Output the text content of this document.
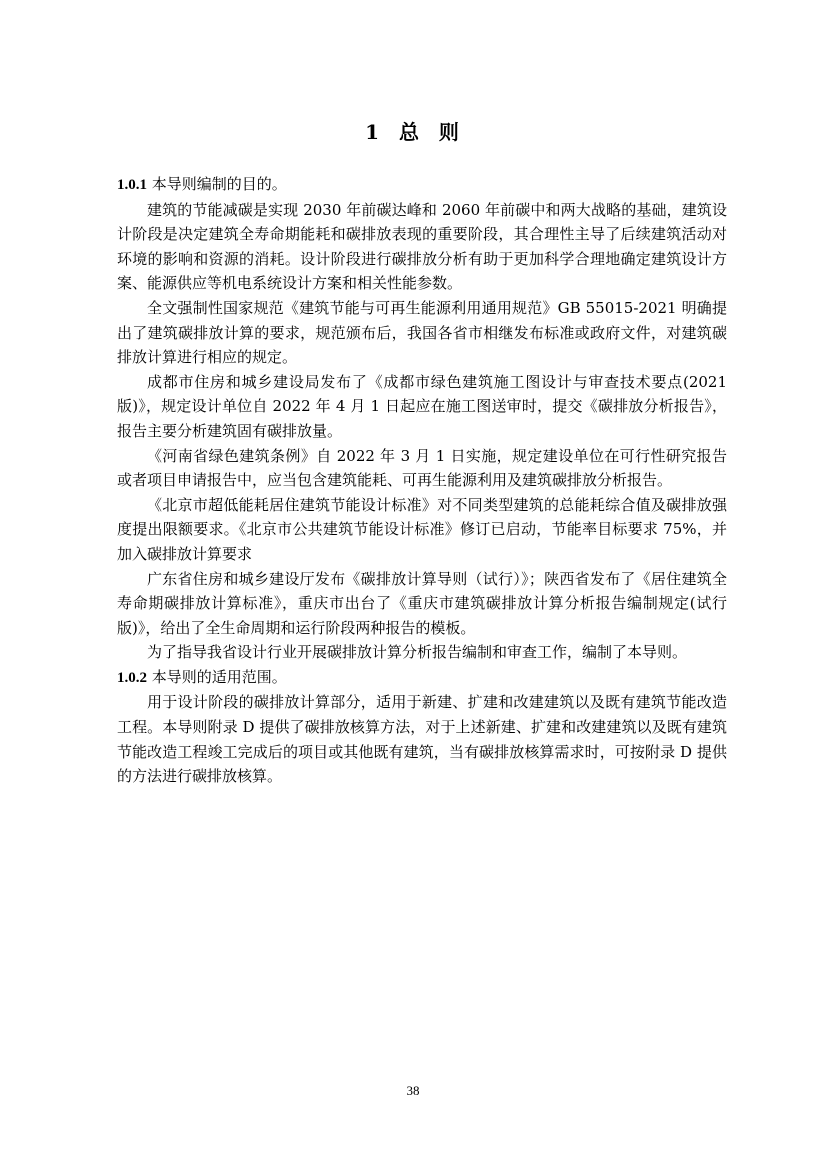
1  总  则

1.0.1 本导则编制的目的。

建筑的节能减碳是实现 2030 年前碳达峰和 2060 年前碳中和两大战略的基础，建筑设计阶段是决定建筑全寿命期能耗和碳排放表现的重要阶段，其合理性主导了后续建筑活动对环境的影响和资源的消耗。设计阶段进行碳排放分析有助于更加科学合理地确定建筑设计方案、能源供应等机电系统设计方案和相关性能参数。

全文强制性国家规范《建筑节能与可再生能源利用通用规范》GB 55015-2021 明确提出了建筑碳排放计算的要求，规范颁布后，我国各省市相继发布标准或政府文件，对建筑碳排放计算进行相应的规定。

成都市住房和城乡建设局发布了《成都市绿色建筑施工图设计与审查技术要点(2021 版)》，规定设计单位自 2022 年 4 月 1 日起应在施工图送审时，提交《碳排放分析报告》，报告主要分析建筑固有碳排放量。

《河南省绿色建筑条例》自 2022 年 3 月 1 日实施，规定建设单位在可行性研究报告或者项目申请报告中，应当包含建筑能耗、可再生能源利用及建筑碳排放分析报告。

《北京市超低能耗居住建筑节能设计标准》对不同类型建筑的总能耗综合值及碳排放强度提出限额要求。《北京市公共建筑节能设计标准》修订已启动，节能率目标要求 75%，并加入碳排放计算要求

广东省住房和城乡建设厅发布《碳排放计算导则（试行）》；陕西省发布了《居住建筑全寿命期碳排放计算标准》，重庆市出台了《重庆市建筑碳排放计算分析报告编制规定(试行版)》，给出了全生命周期和运行阶段两种报告的模板。

为了指导我省设计行业开展碳排放计算分析报告编制和审查工作，编制了本导则。

1.0.2 本导则的适用范围。

用于设计阶段的碳排放计算部分，适用于新建、扩建和改建建筑以及既有建筑节能改造工程。本导则附录 D 提供了碳排放核算方法，对于上述新建、扩建和改建建筑以及既有建筑节能改造工程竣工完成后的项目或其他既有建筑，当有碳排放核算需求时，可按附录 D 提供的方法进行碳排放核算。

38
